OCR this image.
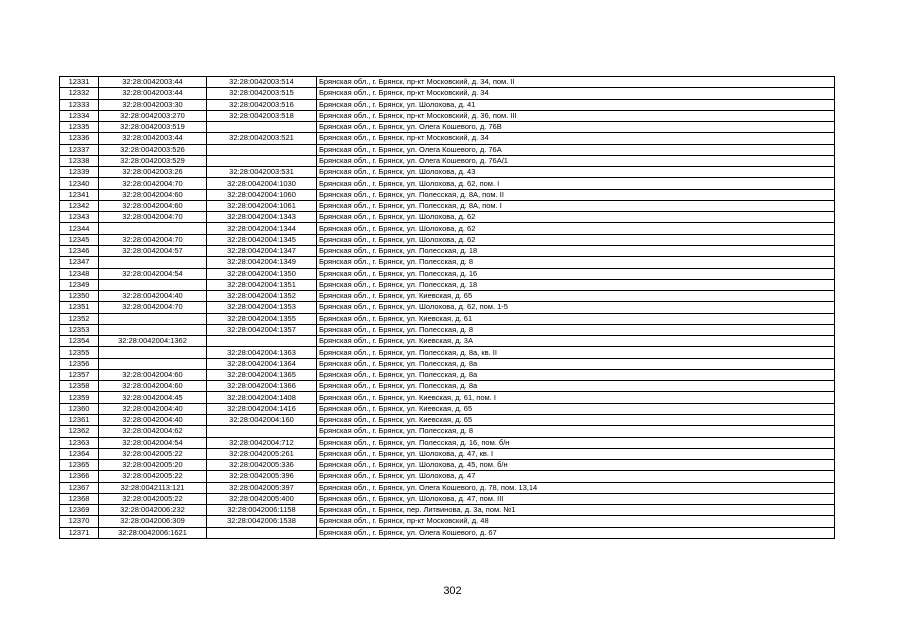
12331	32:28:0042003:44	32:28:0042003:514	Брянская обл., г. Брянск, пр-кт Московский, д. 34, пом. II
12332	32:28:0042003:44	32:28:0042003:515	Брянская обл., г. Брянск, пр-кт Московский, д. 34
12333	32:28:0042003:30	32:28:0042003:516	Брянская обл., г. Брянск, ул. Шолохова, д. 41
12334	32:28:0042003:270	32:28:0042003:518	Брянская обл., г. Брянск, пр-кт Московский, д. 36, пом. III
12335	32:28:0042003:519		Брянская обл., г. Брянск, ул. Олега Кошевого, д. 76В
12336	32:28:0042003:44	32:28:0042003:521	Брянская обл., г. Брянск, пр-кт Московский, д. 34
12337	32:28:0042003:526		Брянская обл., г. Брянск, ул. Олега Кошевого, д. 76А
12338	32:28:0042003:529		Брянская обл., г. Брянск, ул. Олега Кошевого, д. 76А/1
12339	32:28:0042003:26	32:28:0042003:531	Брянская обл., г. Брянск, ул. Шолохова, д. 43
12340	32:28:0042004:70	32:28:0042004:1030	Брянская обл., г. Брянск, ул. Шолохова, д. 62, пом. I
12341	32:28:0042004:60	32:28:0042004:1060	Брянская обл., г. Брянск, ул. Полесская, д. 8А, пом. II
12342	32:28:0042004:60	32:28:0042004:1061	Брянская обл., г. Брянск, ул. Полесская, д. 8А, пом. I
12343	32:28:0042004:70	32:28:0042004:1343	Брянская обл., г. Брянск, ул. Шолохова, д. 62
12344		32:28:0042004:1344	Брянская обл., г. Брянск, ул. Шолохова, д. 62
12345	32:28:0042004:70	32:28:0042004:1345	Брянская обл., г. Брянск, ул. Шолохова, д. 62
12346	32:28:0042004:57	32:28:0042004:1347	Брянская обл., г. Брянск, ул. Полесская, д. 18
12347		32:28:0042004:1349	Брянская обл., г. Брянск, ул. Полесская, д. 8
12348	32:28:0042004:54	32:28:0042004:1350	Брянская обл., г. Брянск, ул. Полесская, д. 16
12349		32:28:0042004:1351	Брянская обл., г. Брянск, ул. Полесская, д. 18
12350	32:28:0042004:40	32:28:0042004:1352	Брянская обл., г. Брянск, ул. Киевская, д. 65
12351	32:28:0042004:70	32:28:0042004:1353	Брянская обл., г. Брянск, ул. Шолохова, д. 62, пом. 1-5
12352		32:28:0042004:1355	Брянская обл., г. Брянск, ул. Киевская, д. 61
12353		32:28:0042004:1357	Брянская обл., г. Брянск, ул. Полесская, д. 8
12354	32:28:0042004:1362		Брянская обл., г. Брянск, ул. Киевская, д. 3А
12355		32:28:0042004:1363	Брянская обл., г. Брянск, ул. Полесская, д. 8а, кв. II
12356		32:28:0042004:1364	Брянская обл., г. Брянск, ул. Полесская, д. 8а
12357	32:28:0042004:60	32:28:0042004:1365	Брянская обл., г. Брянск, ул. Полесская, д. 8а
12358	32:28:0042004:60	32:28:0042004:1366	Брянская обл., г. Брянск, ул. Полесская, д. 8а
12359	32:28:0042004:45	32:28:0042004:1408	Брянская обл., г. Брянск, ул. Киевская, д. 61, пом. I
12360	32:28:0042004:40	32:28:0042004:1416	Брянская обл., г. Брянск, ул. Киевская, д. 65
12361	32:28:0042004:40	32:28:0042004:160	Брянская обл., г. Брянск, ул. Киевская, д. 65
12362	32:28:0042004:62		Брянская обл., г. Брянск, ул. Полесская, д. 8
12363	32:28:0042004:54	32:28:0042004:712	Брянская обл., г. Брянск, ул. Полесская, д. 16, пом. б/н
12364	32:28:0042005:22	32:28:0042005:261	Брянская обл., г. Брянск, ул. Шолохова, д. 47, кв. I
12365	32:28:0042005:20	32:28:0042005:336	Брянская обл., г. Брянск, ул. Шолохова, д. 45, пом. б/н
12366	32:28:0042005:22	32:28:0042005:396	Брянская обл., г. Брянск, ул. Шолохова, д. 47
12367	32:28:0042113:121	32:28:0042005:397	Брянская обл., г. Брянск, ул. Олега Кошевого, д. 78, пом. 13,14
12368	32:28:0042005:22	32:28:0042005:400	Брянская обл., г. Брянск, ул. Шолохова, д. 47, пом. III
12369	32:28:0042006:232	32:28:0042006:1158	Брянская обл., г. Брянск, пер. Литвинова, д. 3а, пом. №1
12370	32:28:0042006:309	32:28:0042006:1538	Брянская обл., г. Брянск, пр-кт Московский, д. 48
12371	32:28:0042006:1621		Брянская обл., г. Брянск, ул. Олега Кошевого, д. 67
302
